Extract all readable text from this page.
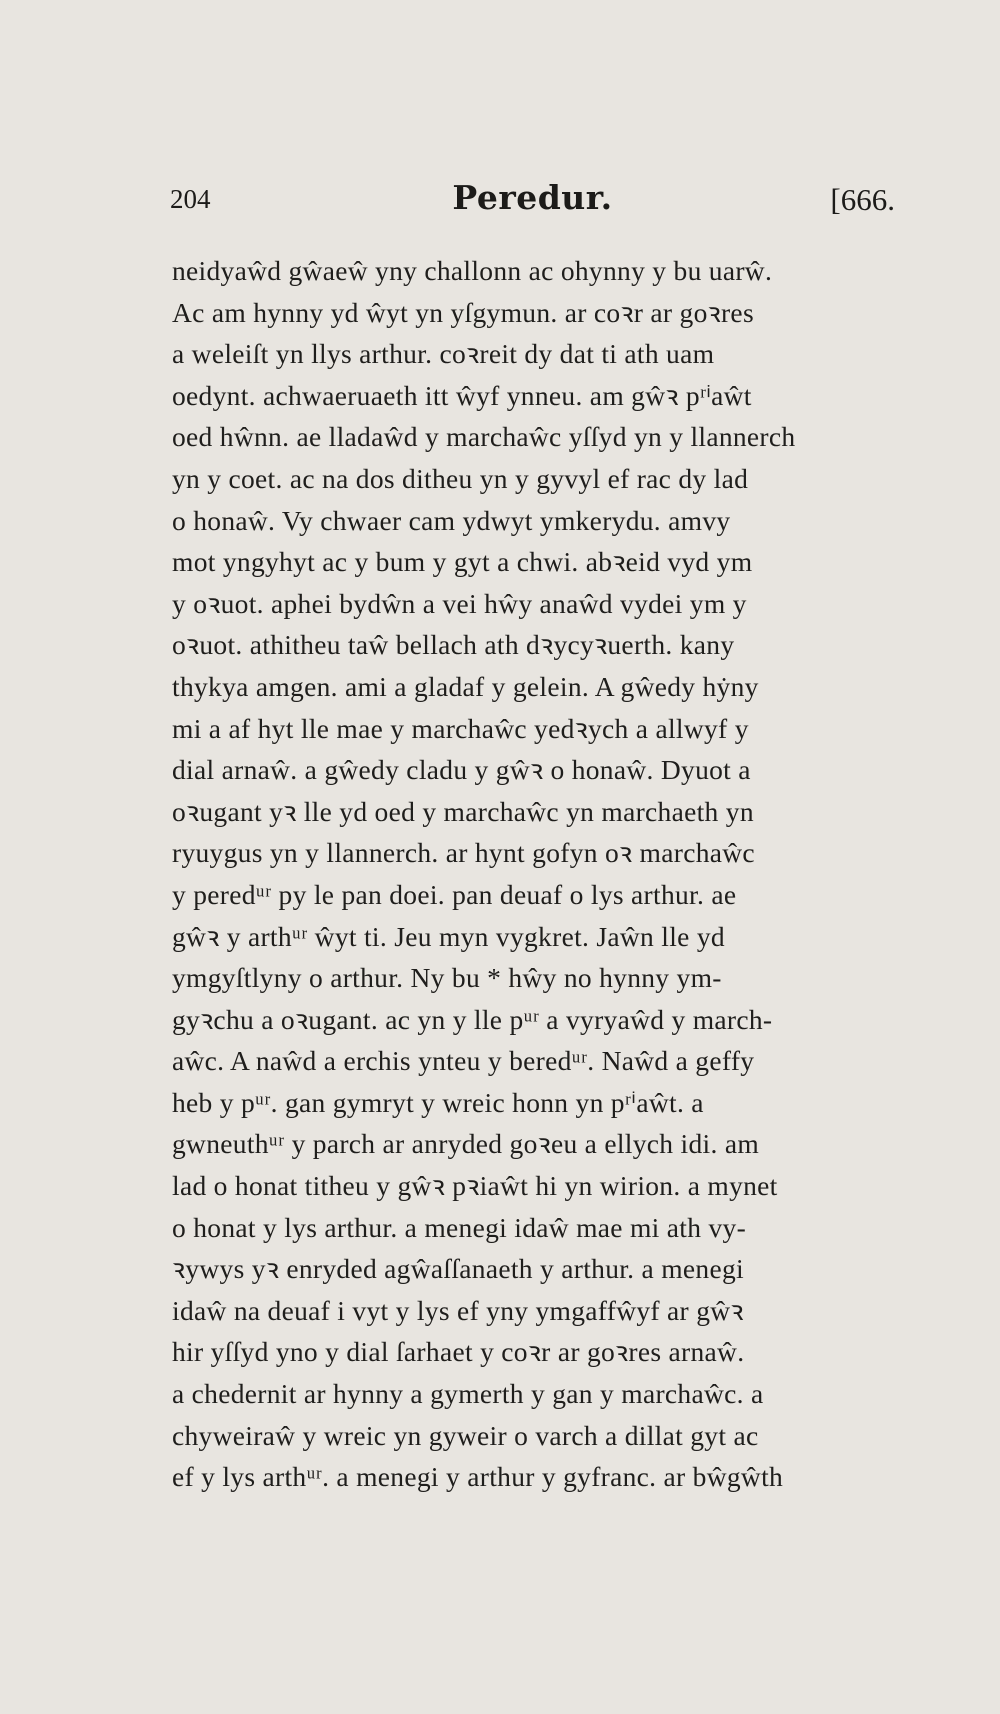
204	Peredur.	[666.
neidyaŵd gŵaeŵ yny challonn ac ohynny y bu uarŵ.
Ac am hynny yd ŵyt yn yſgymun. ar coꝛr ar goꝛres
a weleiſt yn llys arthur. coꝛreit dy dat ti ath uam
oedynt. achwaeruaeth itt ŵyf ynneu. am gŵꝛ pʳⁱaŵt
oed hŵnn. ae lladaŵd y marchaŵc yſſyd yn y llannerch
yn y coet. ac na dos ditheu yn y gyvyl ef rac dy lad
o honaŵ. Vy chwaer cam ydwyt ymkerydu. amvy
mot yngyhyt ac y bum y gyt a chwi. abꝛeid vyd ym
y oꝛuot. aphei bydŵn a vei hŵy anaŵd vydei ym y
oꝛuot. athitheu taŵ bellach ath dꝛycyꝛuerth. kany
thykya amgen. ami a gladaf y gelein. A gŵedy hẏny
mi a af hyt lle mae y marchaŵc yedꝛych a allwyf y
dial arnaŵ. a gŵedy cladu y gŵꝛ o honaŵ. Dyuot a
oꝛugant yꝛ lle yd oed y marchaŵc yn marchaeth yn
ryuygus yn y llannerch. ar hynt gofyn oꝛ marchaŵc
y peredᵘʳ py le pan doei. pan deuaf o lys arthur. ae
gŵꝛ y arthᵘʳ ŵyt ti. Jeu myn vygkret. Jaŵn lle yd
ymgyſtlyny o arthur. Ny bu * hŵy no hynny ym-
gyꝛchu a oꝛugant. ac yn y lle pᵘʳ a vyryaŵd y march-
aŵc. A naŵd a erchis ynteu y beredᵘʳ. Naŵd a geffy
heb y pᵘʳ. gan gymryt y wreic honn yn pʳⁱaŵt. a
gwneuthᵘʳ y parch ar anryded goꝛeu a ellych idi. am
lad o honat titheu y gŵꝛ pꝛiaŵt hi yn wirion. a mynet
o honat y lys arthur. a menegi idaŵ mae mi ath vy-
ꝛywys yꝛ enryded agŵaſſanaeth y arthur. a menegi
idaŵ na deuaf i vyt y lys ef yny ymgaffŵyf ar gŵꝛ
hir yſſyd yno y dial ſarhaet y coꝛr ar goꝛres arnaŵ.
a chedernit ar hynny a gymerth y gan y marchaŵc. a
chyweiraŵ y wreic yn gyweir o varch a dillat gyt ac
ef y lys arthᵘʳ. a menegi y arthur y gyfranc. ar bŵgŵth
